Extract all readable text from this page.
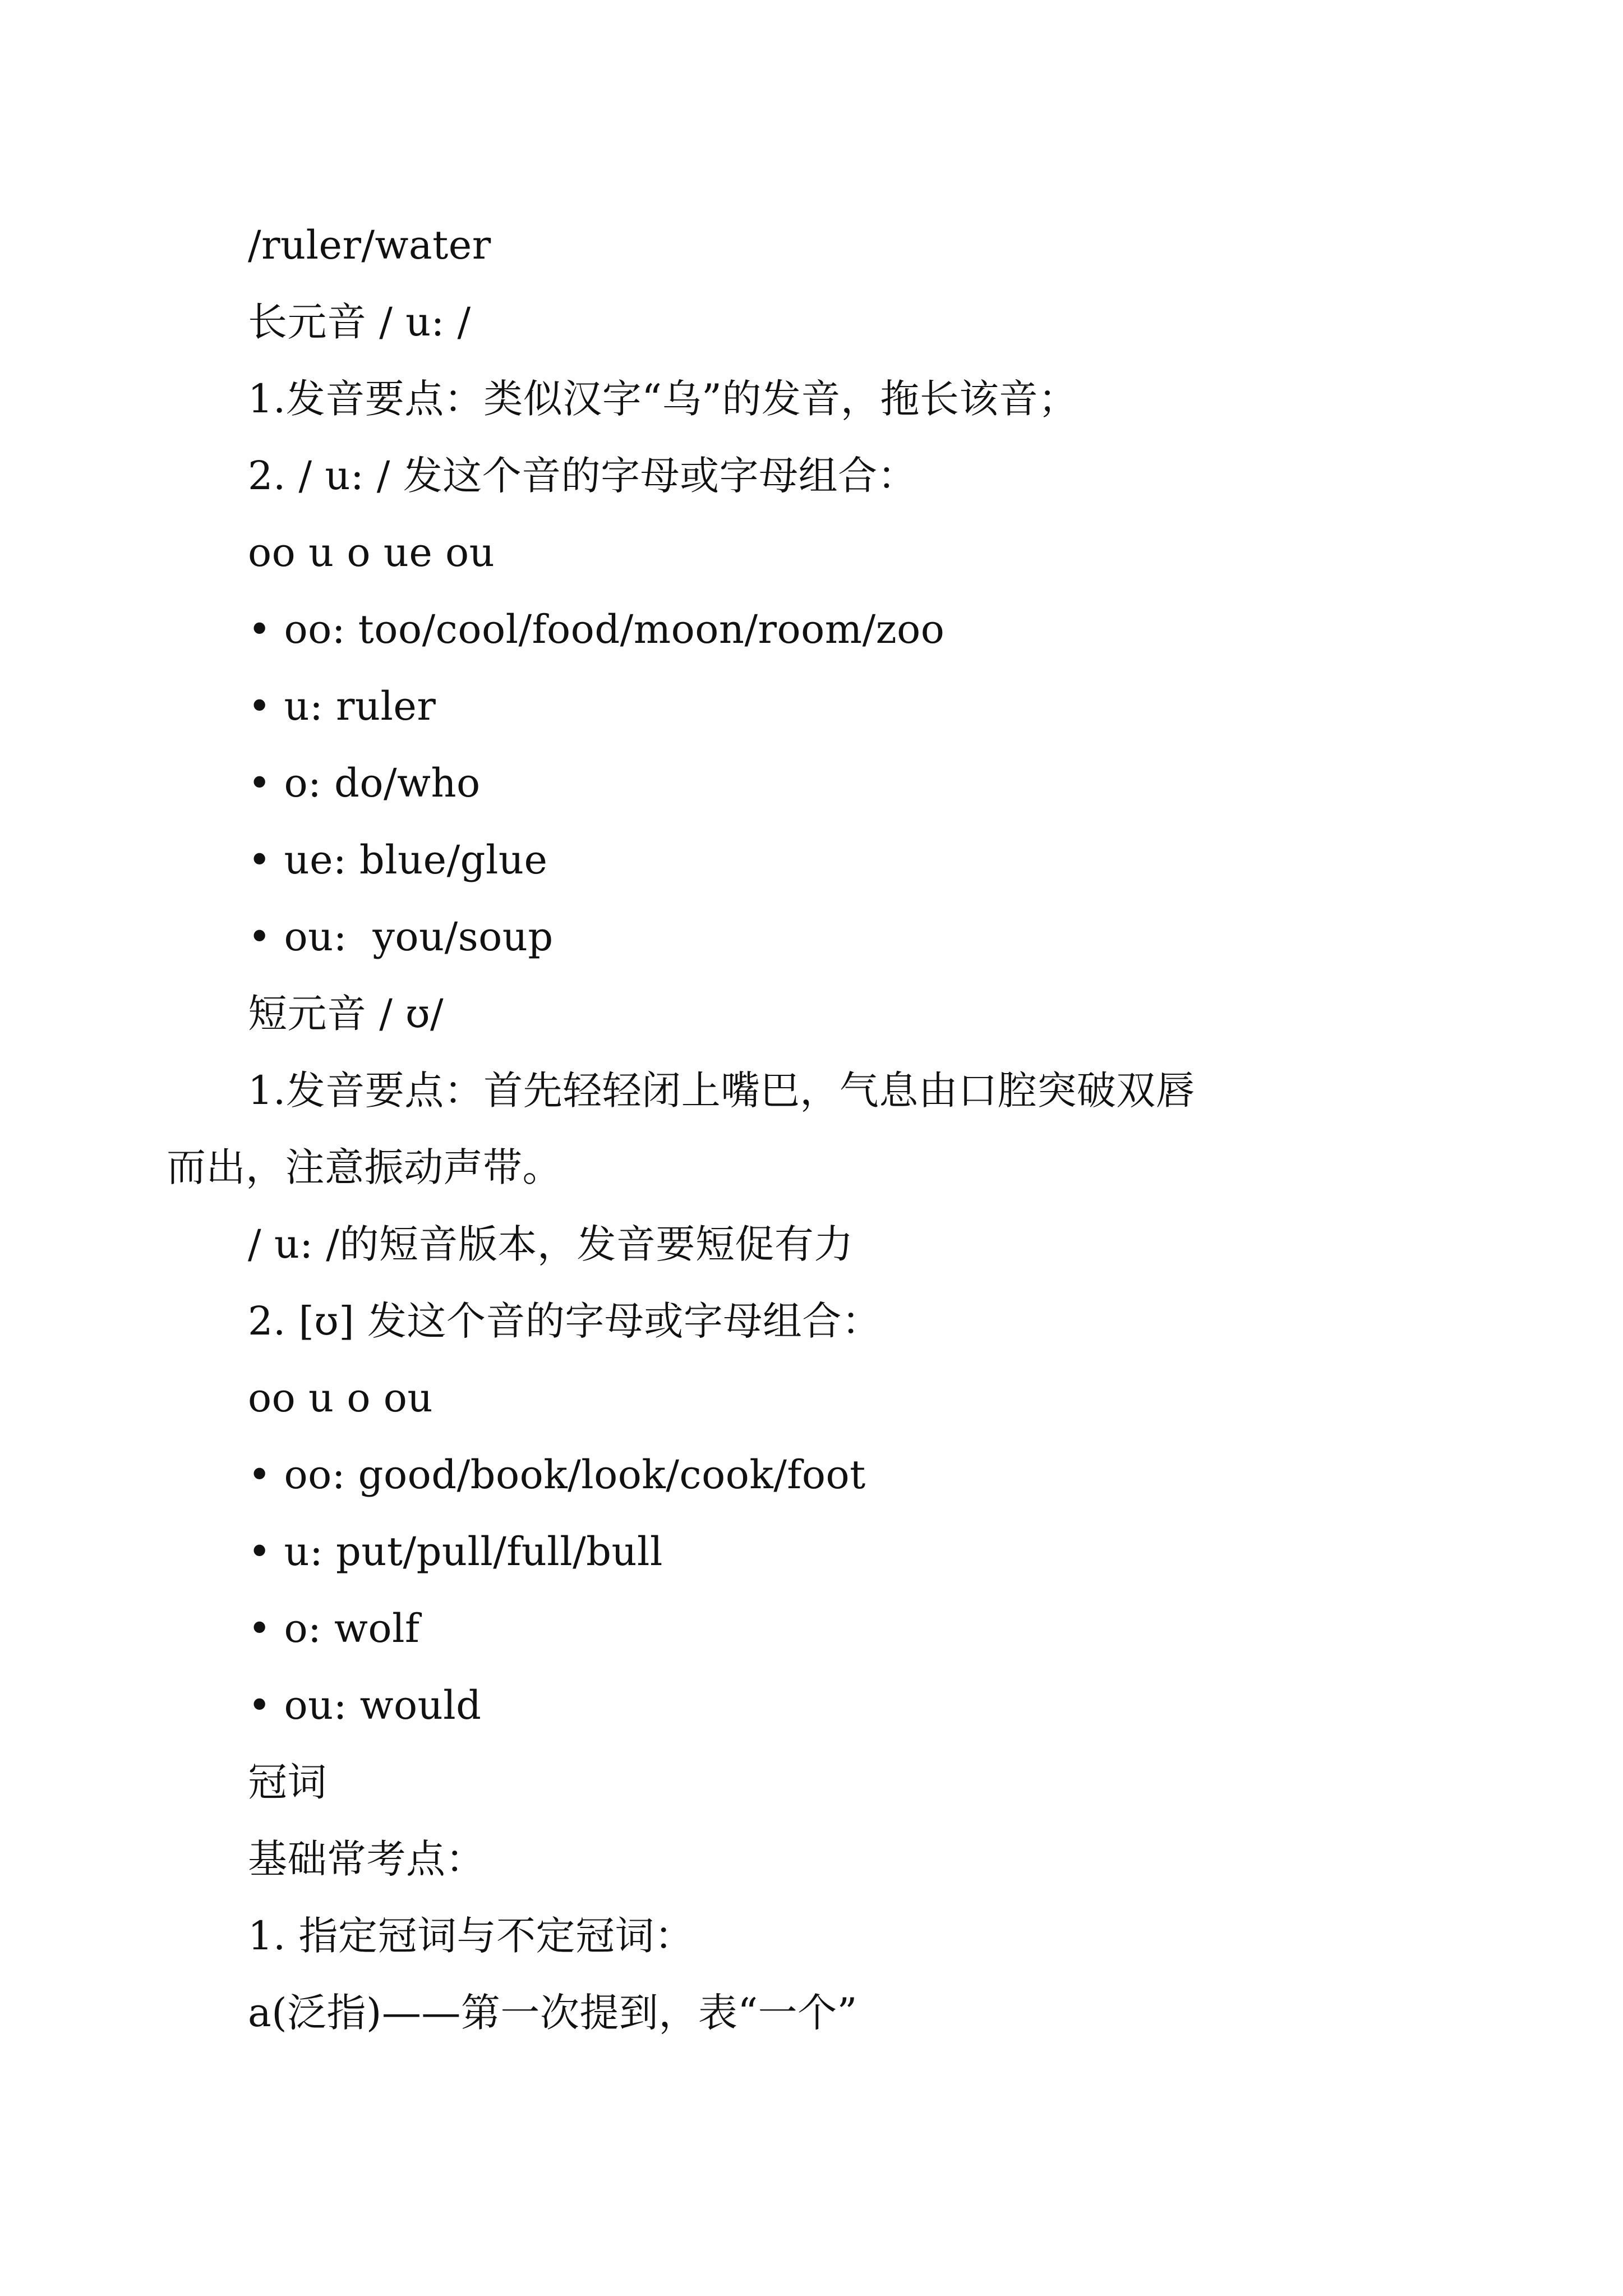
/ruler/water
长元音 / u: /
1.发音要点：类似汉字“乌”的发音，拖长该音；
2. / u: / 发这个音的字母或字母组合：
oo u o ue ou
• oo: too/cool/food/moon/room/zoo
• u: ruler
• o: do/who
• ue: blue/glue
• ou:  you/soup
短元音 / ʊ/
1.发音要点：首先轻轻闭上嘴巴，气息由口腔突破双唇
而出，注意振动声带。
/ u: /的短音版本，发音要短促有力
2. [ʊ] 发这个音的字母或字母组合：
oo u o ou
• oo: good/book/look/cook/foot
• u: put/pull/full/bull
• o: wolf
• ou: would
冠词
基础常考点：
1. 指定冠词与不定冠词：
a(泛指)——第一次提到，表“一个”
